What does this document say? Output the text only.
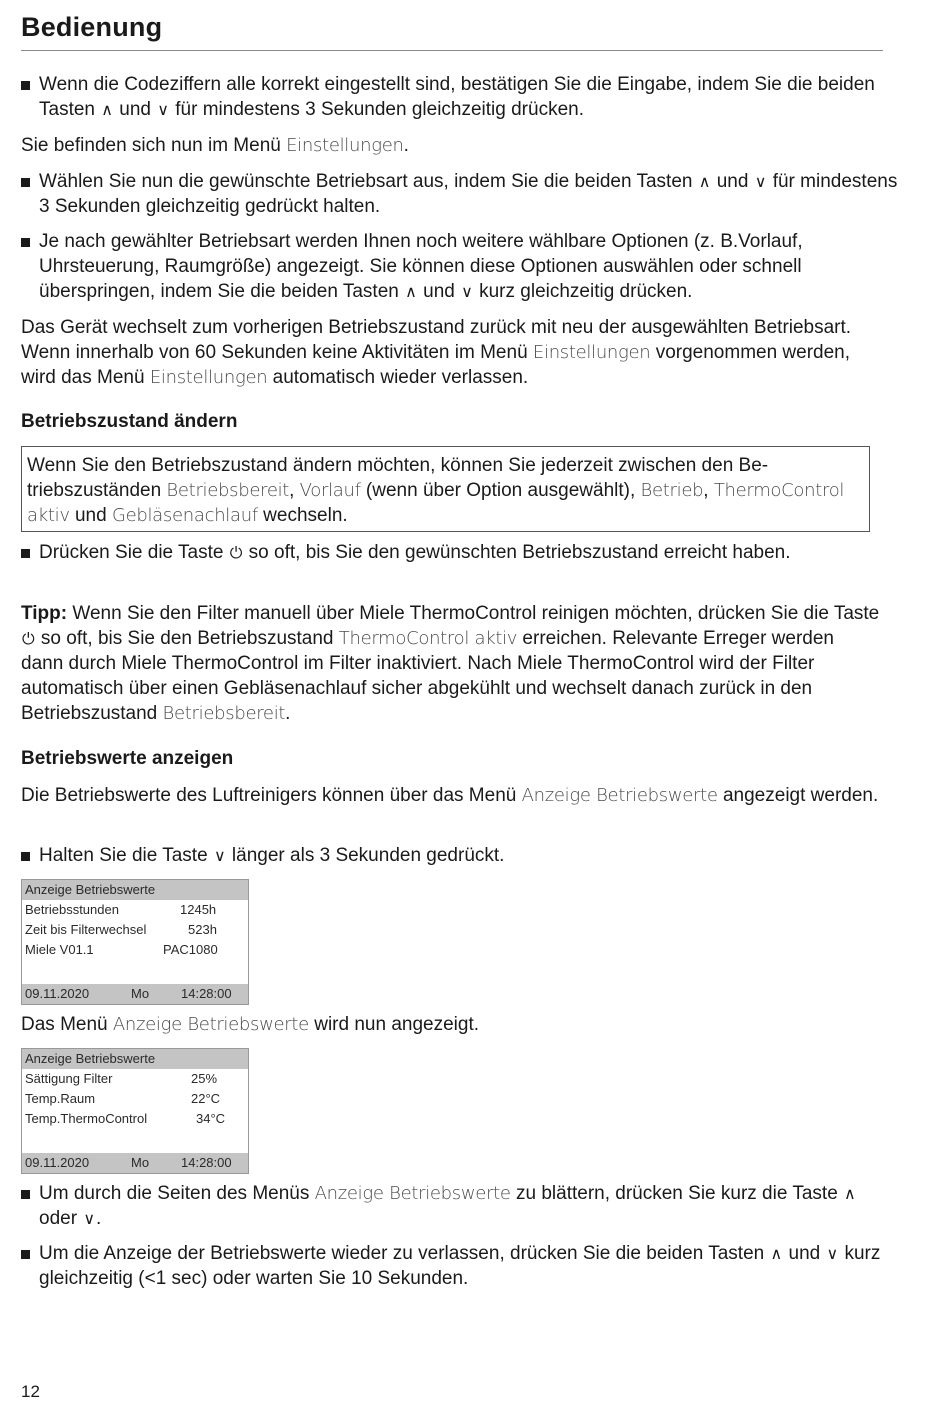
Bedienung

Wenn die Codeziffern alle korrekt eingestellt sind, bestätigen Sie die Eingabe, indem Sie die beiden Tasten ∧ und ∨ für mindestens 3 Sekunden gleichzeitig drücken.

Sie befinden sich nun im Menü Einstellungen.

Wählen Sie nun die gewünschte Betriebsart aus, indem Sie die beiden Tasten ∧ und ∨ für mindestens 3 Sekunden gleichzeitig gedrückt halten.

Je nach gewählter Betriebsart werden Ihnen noch weitere wählbare Optionen (z. B.Vorlauf, Uhrsteuerung, Raumgröße) angezeigt. Sie können diese Optionen auswählen oder schnell überspringen, indem Sie die beiden Tasten ∧ und ∨ kurz gleichzeitig drücken.

Das Gerät wechselt zum vorherigen Betriebszustand zurück mit neu der ausgewählten Betriebsart. Wenn innerhalb von 60 Sekunden keine Aktivitäten im Menü Einstellungen vorgenommen werden, wird das Menü Einstellungen automatisch wieder verlassen.

Betriebszustand ändern
Wenn Sie den Betriebszustand ändern möchten, können Sie jederzeit zwischen den Betriebszuständen Betriebsbereit, Vorlauf (wenn über Option ausgewählt), Betrieb, ThermoControl aktiv und Gebläsenachlauf wechseln.

Drücken Sie die Taste ⏻ so oft, bis Sie den gewünschten Betriebszustand erreicht haben.

Tipp: Wenn Sie den Filter manuell über Miele ThermoControl reinigen möchten, drücken Sie die Taste ⏻ so oft, bis Sie den Betriebszustand ThermoControl aktiv erreichen. Relevante Erreger werden dann durch Miele ThermoControl im Filter inaktiviert. Nach Miele ThermoControl wird der Filter automatisch über einen Gebläsenachlauf sicher abgekühlt und wechselt danach zurück in den Betriebszustand Betriebsbereit.

Betriebswerte anzeigen

Die Betriebswerte des Luftreinigers können über das Menü Anzeige Betriebswerte angezeigt werden.

Halten Sie die Taste ∨ länger als 3 Sekunden gedrückt.

Anzeige Betriebswerte
Betriebsstunden	1245h
Zeit bis Filterwechsel	523h
Miele V01.1	PAC1080
09.11.2020	Mo 14:28:00

Das Menü Anzeige Betriebswerte wird nun angezeigt.

Anzeige Betriebswerte
Sättigung Filter	25%
Temp.Raum	22°C
Temp.ThermoControl	34°C
09.11.2020	Mo 14:28:00

Um durch die Seiten des Menüs Anzeige Betriebswerte zu blättern, drücken Sie kurz die Taste ∧ oder ∨.

Um die Anzeige der Betriebswerte wieder zu verlassen, drücken Sie die beiden Tasten ∧ und ∨ kurz gleichzeitig (<1 sec) oder warten Sie 10 Sekunden.

12
